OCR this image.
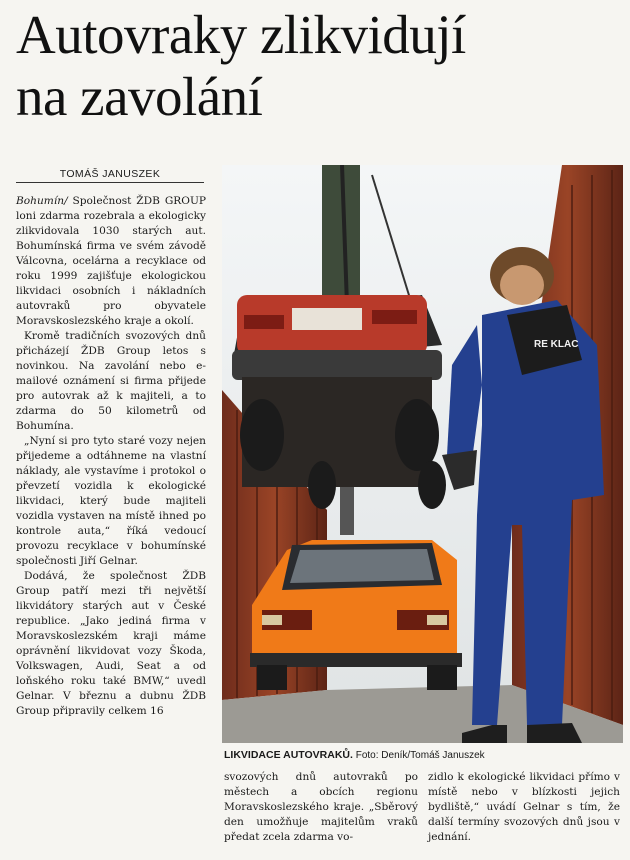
Autovraky zlikvidují
na zavolání
TOMÁŠ JANUSZEK

Bohumín/ Společnost ŽDB GROUP loni zdarma rozebrala a ekologicky zlikvidovala 1030 starých aut. Bohumínská firma ve svém závodě Válcovna, ocelárna a recyklace od roku 1999 zajišťuje ekologickou likvidaci osobních i nákladních autovraků pro obyvatele Moravskoslezského kraje a okolí.

Kromě tradičních svozových dnů přicházejí ŽDB Group letos s novinkou. Na zavolání nebo e-mailové oznámení si firma přijede pro autovrak až k majiteli, a to zdarma do 50 kilometrů od Bohumína.

„Nyní si pro tyto staré vozy nejen přijedeme a odtáhneme na vlastní náklady, ale vystavíme i protokol o převzetí vozidla k ekologické likvidaci, který bude majiteli vozidla vystaven na místě ihned po kontrole auta,“ říká vedoucí provozu recyklace v bohumínské společnosti Jiří Gelnar.

Dodává, že společnost ŽDB Group patří mezi tři největší likvidátory starých aut v České republice. „Jako jediná firma v Moravskoslezském kraji máme oprávnění likvidovat vozy Škoda, Volkswagen, Audi, Seat a od loňského roku také BMW,“ uvedl Gelnar. V březnu a dubnu ŽDB Group připravily celkem 16

RE KLAC
LIKVIDACE AUTOVRAKŮ. Foto: Deník/Tomáš Januszek

svozových dnů autovraků po městech a obcích regionu Moravskoslezského kraje. „Sběrový den umožňuje majitelům vraků předat zcela zdarma vo-

zidlo k ekologické likvidaci přímo v místě nebo v blízkosti jejich bydliště,“ uvádí Gelnar s tím, že další termíny svozových dnů jsou v jednání.
